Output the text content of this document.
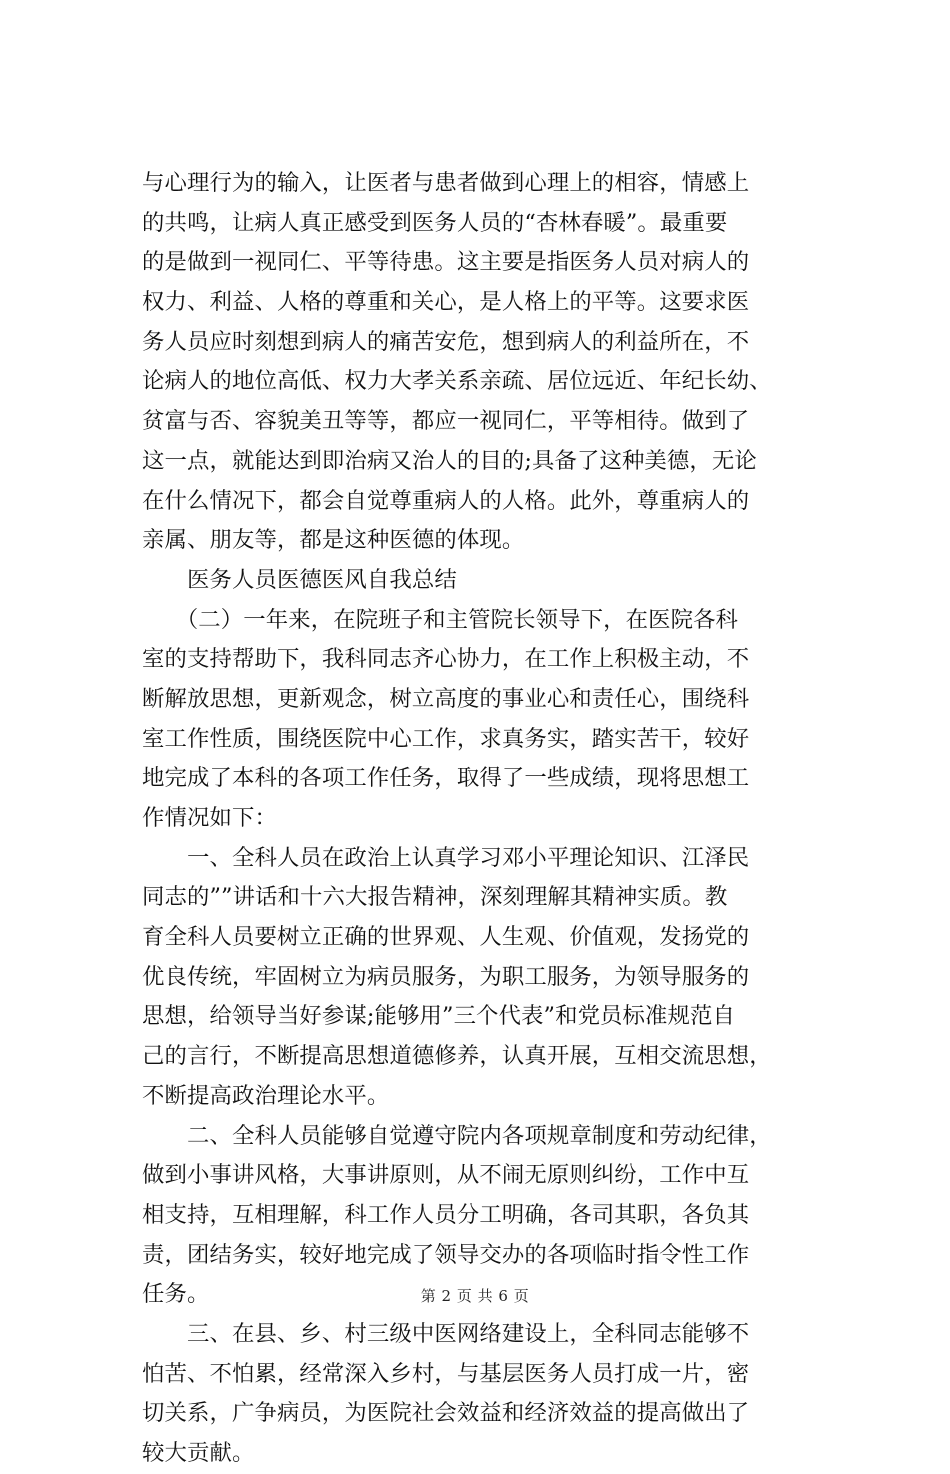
与心理行为的输入，让医者与患者做到心理上的相容，情感上
的共鸣，让病人真正感受到医务人员的“杏林春暖”。最重要
的是做到一视同仁、平等待患。这主要是指医务人员对病人的
权力、利益、人格的尊重和关心，是人格上的平等。这要求医
务人员应时刻想到病人的痛苦安危，想到病人的利益所在，不
论病人的地位高低、权力大孝关系亲疏、居位远近、年纪长幼、
贫富与否、容貌美丑等等，都应一视同仁，平等相待。做到了
这一点，就能达到即治病又治人的目的;具备了这种美德，无论
在什么情况下，都会自觉尊重病人的人格。此外，尊重病人的
亲属、朋友等，都是这种医德的体现。
　　医务人员医德医风自我总结
　　（二）一年来，在院班子和主管院长领导下，在医院各科
室的支持帮助下，我科同志齐心协力，在工作上积极主动，不
断解放思想，更新观念，树立高度的事业心和责任心，围绕科
室工作性质，围绕医院中心工作，求真务实，踏实苦干，较好
地完成了本科的各项工作任务，取得了一些成绩，现将思想工
作情况如下：
　　一、全科人员在政治上认真学习邓小平理论知识、江泽民
同志的””讲话和十六大报告精神，深刻理解其精神实质。教
育全科人员要树立正确的世界观、人生观、价值观，发扬党的
优良传统，牢固树立为病员服务，为职工服务，为领导服务的
思想，给领导当好参谋;能够用”三个代表”和党员标准规范自
己的言行，不断提高思想道德修养，认真开展，互相交流思想，
不断提高政治理论水平。
　　二、全科人员能够自觉遵守院内各项规章制度和劳动纪律，
做到小事讲风格，大事讲原则，从不闹无原则纠纷，工作中互
相支持，互相理解，科工作人员分工明确，各司其职，各负其
责，团结务实，较好地完成了领导交办的各项临时指令性工作
任务。
　　三、在县、乡、村三级中医网络建设上，全科同志能够不
怕苦、不怕累，经常深入乡村，与基层医务人员打成一片，密
切关系，广争病员，为医院社会效益和经济效益的提高做出了
较大贡献。
第 2 页 共 6 页
